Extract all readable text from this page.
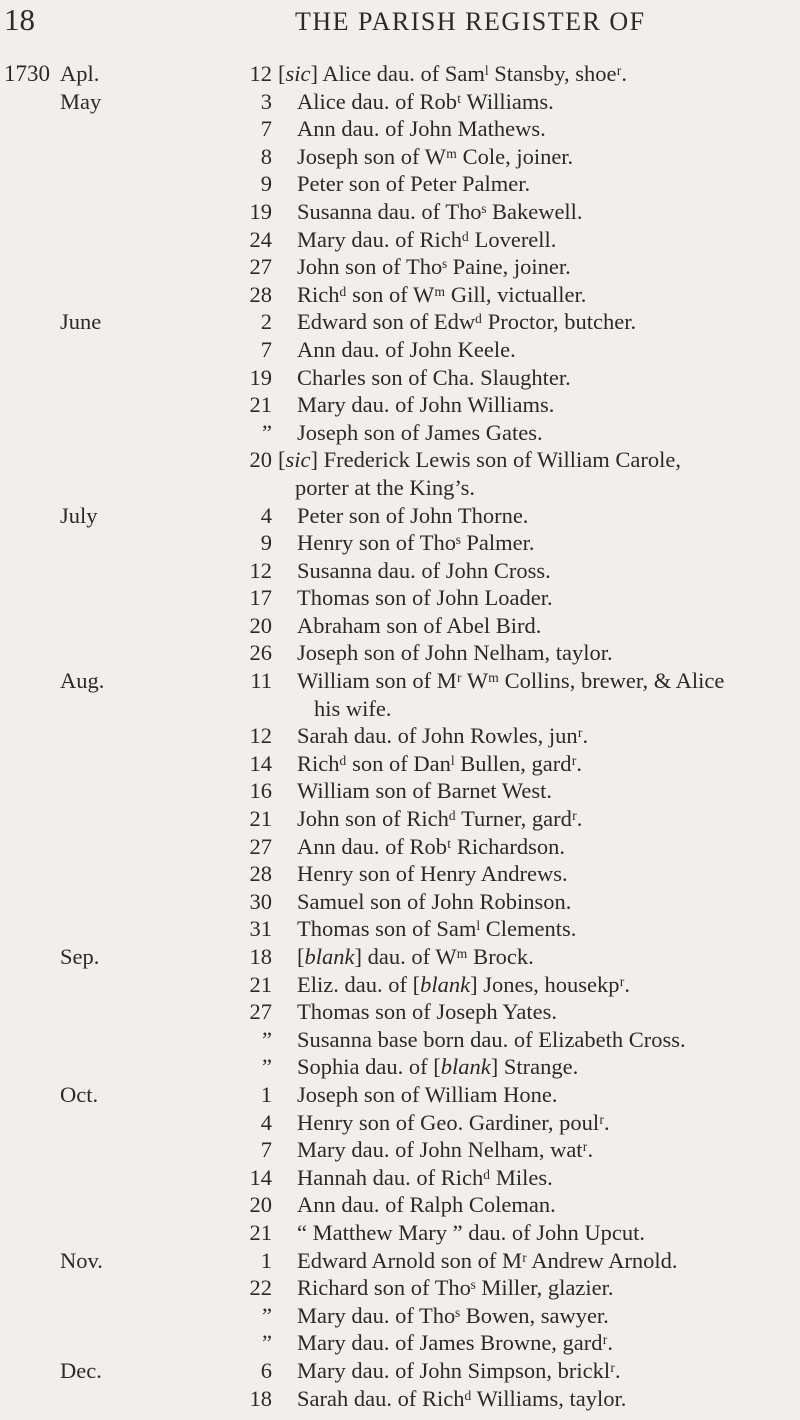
18	THE PARISH REGISTER OF
1730 Apl.	12 [sic] Alice dau. of Samˡ Stansby, shoeʳ.
May	3 Alice dau. of Robᵗ Williams.
7 Ann dau. of John Mathews.
8 Joseph son of Wᵐ Cole, joiner.
9 Peter son of Peter Palmer.
19 Susanna dau. of Thoˢ Bakewell.
24 Mary dau. of Richᵈ Loverell.
27 John son of Thoˢ Paine, joiner.
28 Richᵈ son of Wᵐ Gill, victualler.
June	2 Edward son of Edwᵈ Proctor, butcher.
7 Ann dau. of John Keele.
19 Charles son of Cha. Slaughter.
21 Mary dau. of John Williams.
” Joseph son of James Gates.
20 [sic] Frederick Lewis son of William Carole,
porter at the King’s.
July	4 Peter son of John Thorne.
9 Henry son of Thoˢ Palmer.
12 Susanna dau. of John Cross.
17 Thomas son of John Loader.
20 Abraham son of Abel Bird.
26 Joseph son of John Nelham, taylor.
Aug.	11 William son of Mʳ Wᵐ Collins, brewer, & Alice
his wife.
12 Sarah dau. of John Rowles, junʳ.
14 Richᵈ son of Danˡ Bullen, gardʳ.
16 William son of Barnet West.
21 John son of Richᵈ Turner, gardʳ.
27 Ann dau. of Robᵗ Richardson.
28 Henry son of Henry Andrews.
30 Samuel son of John Robinson.
31 Thomas son of Samˡ Clements.
Sep.	18 [blank] dau. of Wᵐ Brock.
21 Eliz. dau. of [blank] Jones, housekpʳ.
27 Thomas son of Joseph Yates.
” Susanna base born dau. of Elizabeth Cross.
” Sophia dau. of [blank] Strange.
Oct.	1 Joseph son of William Hone.
4 Henry son of Geo. Gardiner, poulʳ.
7 Mary dau. of John Nelham, watʳ.
14 Hannah dau. of Richᵈ Miles.
20 Ann dau. of Ralph Coleman.
21 “ Matthew Mary ” dau. of John Upcut.
Nov.	1 Edward Arnold son of Mʳ Andrew Arnold.
22 Richard son of Thoˢ Miller, glazier.
” Mary dau. of Thoˢ Bowen, sawyer.
” Mary dau. of James Browne, gardʳ.
Dec.	6 Mary dau. of John Simpson, bricklʳ.
18 Sarah dau. of Richᵈ Williams, taylor.
